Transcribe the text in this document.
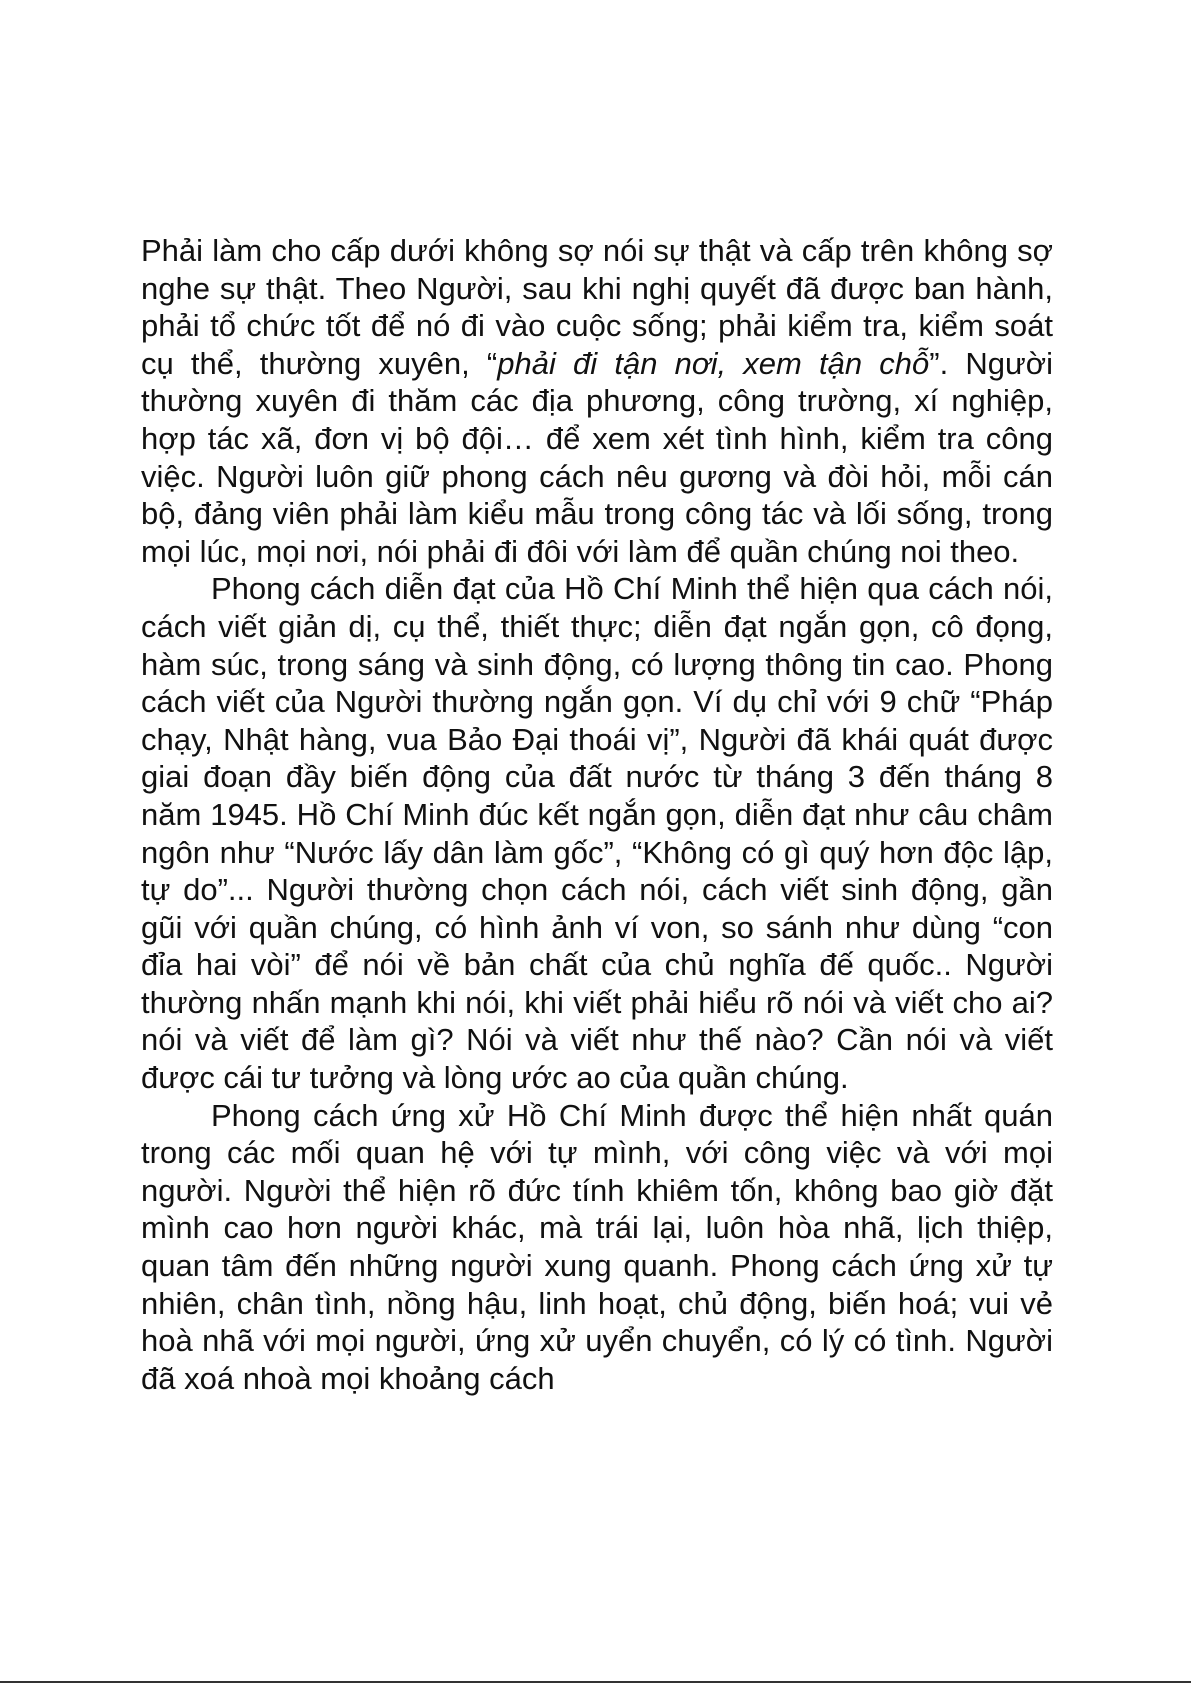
Phải làm cho cấp dưới không sợ nói sự thật và cấp trên không sợ nghe sự thật. Theo Người, sau khi nghị quyết đã được ban hành, phải tổ chức tốt để nó đi vào cuộc sống; phải kiểm tra, kiểm soát cụ thể, thường xuyên, “phải đi tận nơi, xem tận chỗ”. Người thường xuyên đi thăm các địa phương, công trường, xí nghiệp, hợp tác xã, đơn vị bộ đội… để xem xét tình hình, kiểm tra công việc. Người luôn giữ phong cách nêu gương và đòi hỏi, mỗi cán bộ, đảng viên phải làm kiểu mẫu trong công tác và lối sống, trong mọi lúc, mọi nơi, nói phải đi đôi với làm để quần chúng noi theo.

Phong cách diễn đạt của Hồ Chí Minh thể hiện qua cách nói, cách viết giản dị, cụ thể, thiết thực; diễn đạt ngắn gọn, cô đọng, hàm súc, trong sáng và sinh động, có lượng thông tin cao. Phong cách viết của Người thường ngắn gọn. Ví dụ chỉ với 9 chữ “Pháp chạy, Nhật hàng, vua Bảo Đại thoái vị”, Người đã khái quát được giai đoạn đầy biến động của đất nước từ tháng 3 đến tháng 8 năm 1945. Hồ Chí Minh đúc kết ngắn gọn, diễn đạt như câu châm ngôn như “Nước lấy dân làm gốc”, “Không có gì quý hơn độc lập, tự do”... Người thường chọn cách nói, cách viết sinh động, gần gũi với quần chúng, có hình ảnh ví von, so sánh như dùng “con đỉa hai vòi” để nói về bản chất của chủ nghĩa đế quốc.. Người thường nhấn mạnh khi nói, khi viết phải hiểu rõ nói và viết cho ai? nói và viết để làm gì? Nói và viết như thế nào? Cần nói và viết được cái tư tưởng và lòng ước ao của quần chúng.

Phong cách ứng xử Hồ Chí Minh được thể hiện nhất quán trong các mối quan hệ với tự mình, với công việc và với mọi người. Người thể hiện rõ đức tính khiêm tốn, không bao giờ đặt mình cao hơn người khác, mà trái lại, luôn hòa nhã, lịch thiệp, quan tâm đến những người xung quanh. Phong cách ứng xử tự nhiên, chân tình, nồng hậu, linh hoạt, chủ động, biến hoá; vui vẻ hoà nhã với mọi người, ứng xử uyển chuyển, có lý có tình. Người đã xoá nhoà mọi khoảng cách
